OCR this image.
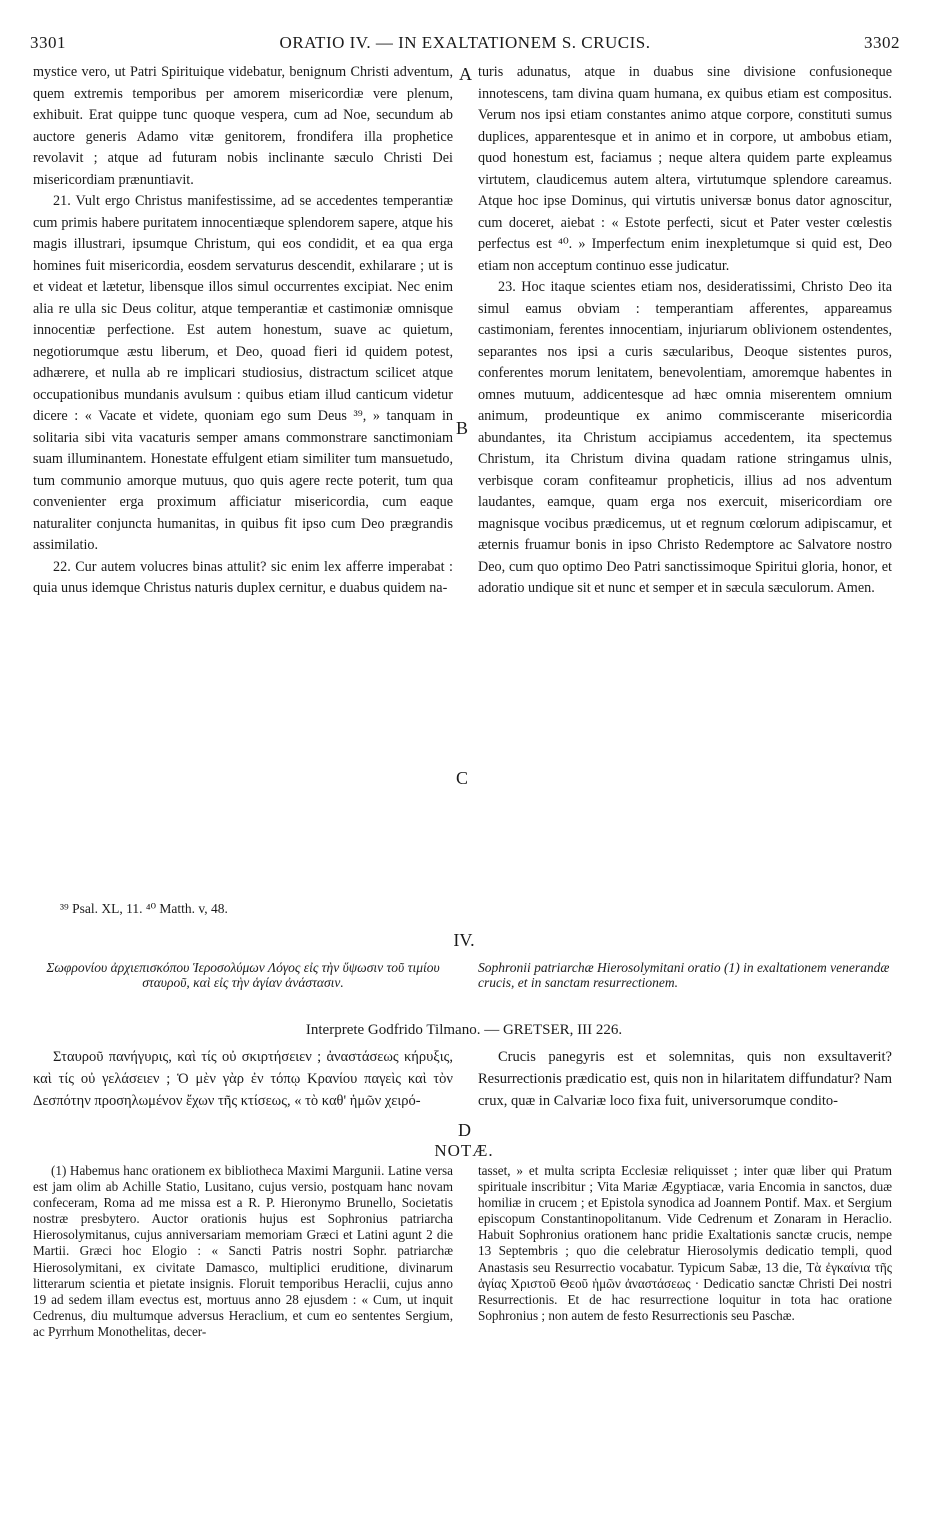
3301	ORATIO IV. — IN EXALTATIONEM S. CRUCIS.	3302

mystice vero, ut Patri Spirituique videbatur, benignum Christi adventum, quem extremis temporibus per amorem misericordiæ vere plenum, exhibuit. Erat quippe tunc quoque vespera, cum ad Noe, secundum ab auctore generis Adamo vitæ genitorem, frondifera illa prophetice revolavit ; atque ad futuram nobis inclinante sæculo Christi Dei misericordiam prænuntiavit.

21. Vult ergo Christus manifestissime, ad se accedentes temperantiæ cum primis habere puritatem innocentiæque splendorem sapere, atque his magis illustrari, ipsumque Christum, qui eos condidit, et ea qua erga homines fuit misericordia, eosdem servaturus descendit, exhilarare ; ut is et videat et lætetur, libensque illos simul occurrentes excipiat. Nec enim alia re ulla sic Deus colitur, atque temperantiæ et castimoniæ omnisque innocentiæ perfectione. Est autem honestum, suave ac quietum, negotiorumque æstu liberum, et Deo, quoad fieri id quidem potest, adhærere, et nulla ab re implicari studiosius, distractum scilicet atque occupationibus mundanis avulsum : quibus etiam illud canticum videtur dicere : « Vacate et videte, quoniam ego sum Deus ³⁹, » tanquam in solitaria sibi vita vacaturis semper amans commonstrare sanctimoniam suam illuminantem. Honestate effulgent etiam similiter tum mansuetudo, tum communio amorque mutuus, quo quis agere recte poterit, tum qua convenienter erga proximum afficiatur misericordia, cum eaque naturaliter conjuncta humanitas, in quibus fit ipso cum Deo prægrandis assimilatio.

22. Cur autem volucres binas attulit? sic enim lex afferre imperabat : quia unus idemque Christus naturis duplex cernitur, e duabus quidem na-

³⁹ Psal. XL, 11. ⁴⁰ Matth. v, 48.

turis adunatus, atque in duabus sine divisione confusioneque innotescens, tam divina quam humana, ex quibus etiam est compositus. Verum nos ipsi etiam constantes animo atque corpore, constituti sumus duplices, apparentesque et in animo et in corpore, ut ambobus etiam, quod honestum est, faciamus ; neque altera quidem parte expleamus virtutem, claudicemus autem altera, virtutumque splendore careamus. Atque hoc ipse Dominus, qui virtutis universæ bonus dator agnoscitur, cum doceret, aiebat : « Estote perfecti, sicut et Pater vester cœlestis perfectus est ⁴⁰. » Imperfectum enim inexpletumque si quid est, Deo etiam non acceptum continuo esse judicatur.

23. Hoc itaque scientes etiam nos, desideratissimi, Christo Deo ita simul eamus obviam : temperantiam afferentes, appareamus castimoniam, ferentes innocentiam, injuriarum oblivionem ostendentes, separantes nos ipsi a curis sæcularibus, Deoque sistentes puros, conferentes morum lenitatem, benevolentiam, amoremque habentes in omnes mutuum, addicentesque ad hæc omnia miserentem omnium animum, prodeuntique ex animo commiscerante misericordia abundantes, ita Christum accipiamus accedentem, ita spectemus Christum, ita Christum divina quadam ratione stringamus ulnis, verbisque coram confiteamur propheticis, illius ad nos adventum laudantes, eamque, quam erga nos exercuit, misericordiam ore magnisque vocibus prædicemus, ut et regnum cœlorum adipiscamur, et æternis fruamur bonis in ipso Christo Redemptore ac Salvatore nostro Deo, cum quo optimo Deo Patri sanctissimoque Spiritui gloria, honor, et adoratio undique sit et nunc et semper et in sæcula sæculorum. Amen.

A
B
C
D
IV.
Σωφρονίου ἀρχιεπισκόπου Ἱεροσολύμων Λόγος εἰς τὴν ὕψωσιν τοῦ τιμίου σταυροῦ, καὶ εἰς τὴν ἁγίαν ἀνάστασιν.
Sophronii patriarchæ Hierosolymitani oratio (1) in exaltationem venerandæ crucis, et in sanctam resurrectionem.
Interprete Godfrido Tilmano. — GRETSER, III 226.

Σταυροῦ πανήγυρις, καὶ τίς οὐ σκιρτήσειεν ; ἀναστάσεως κήρυξις, καὶ τίς οὐ γελάσειεν ; Ὁ μὲν γὰρ ἐν τόπῳ Κρανίου παγεὶς καὶ τὸν Δεσπότην προσηλωμένον ἔχων τῆς κτίσεως, « τὸ καθ' ἡμῶν χειρό-

Crucis panegyris est et solemnitas, quis non exsultaverit? Resurrectionis prædicatio est, quis non in hilaritatem diffundatur? Nam crux, quæ in Calvariæ loco fixa fuit, universorumque condito-

NOTÆ.

(1) Habemus hanc orationem ex bibliotheca Maximi Margunii. Latine versa est jam olim ab Achille Statio, Lusitano, cujus versio, postquam hanc novam confeceram, Roma ad me missa est a R. P. Hieronymo Brunello, Societatis nostræ presbytero. Auctor orationis hujus est Sophronius patriarcha Hierosolymitanus, cujus anniversariam memoriam Græci et Latini agunt 2 die Martii. Græci hoc Elogio : « Sancti Patris nostri Sophr. patriarchæ Hierosolymitani, ex civitate Damasco, multiplici eruditione, divinarum litterarum scientia et pietate insignis. Floruit temporibus Heraclii, cujus anno 19 ad sedem illam evectus est, mortuus anno 28 ejusdem : « Cum, ut inquit Cedrenus, diu multumque adversus Heraclium, et cum eo sententes Sergium, ac Pyrrhum Monothelitas, decer-

tasset, » et multa scripta Ecclesiæ reliquisset ; inter quæ liber qui Pratum spirituale inscribitur ; Vita Mariæ Ægyptiacæ, varia Encomia in sanctos, duæ homiliæ in crucem ; et Epistola synodica ad Joannem Pontif. Max. et Sergium episcopum Constantinopolitanum. Vide Cedrenum et Zonaram in Heraclio. Habuit Sophronius orationem hanc pridie Exaltationis sanctæ crucis, nempe 13 Septembris ; quo die celebratur Hierosolymis dedicatio templi, quod Anastasis seu Resurrectio vocabatur. Typicum Sabæ, 13 die, Τὰ ἐγκαίνια τῆς ἁγίας Χριστοῦ Θεοῦ ἡμῶν ἀναστάσεως · Dedicatio sanctæ Christi Dei nostri Resurrectionis. Et de hac resurrectione loquitur in tota hac oratione Sophronius ; non autem de festo Resurrectionis seu Paschæ.
